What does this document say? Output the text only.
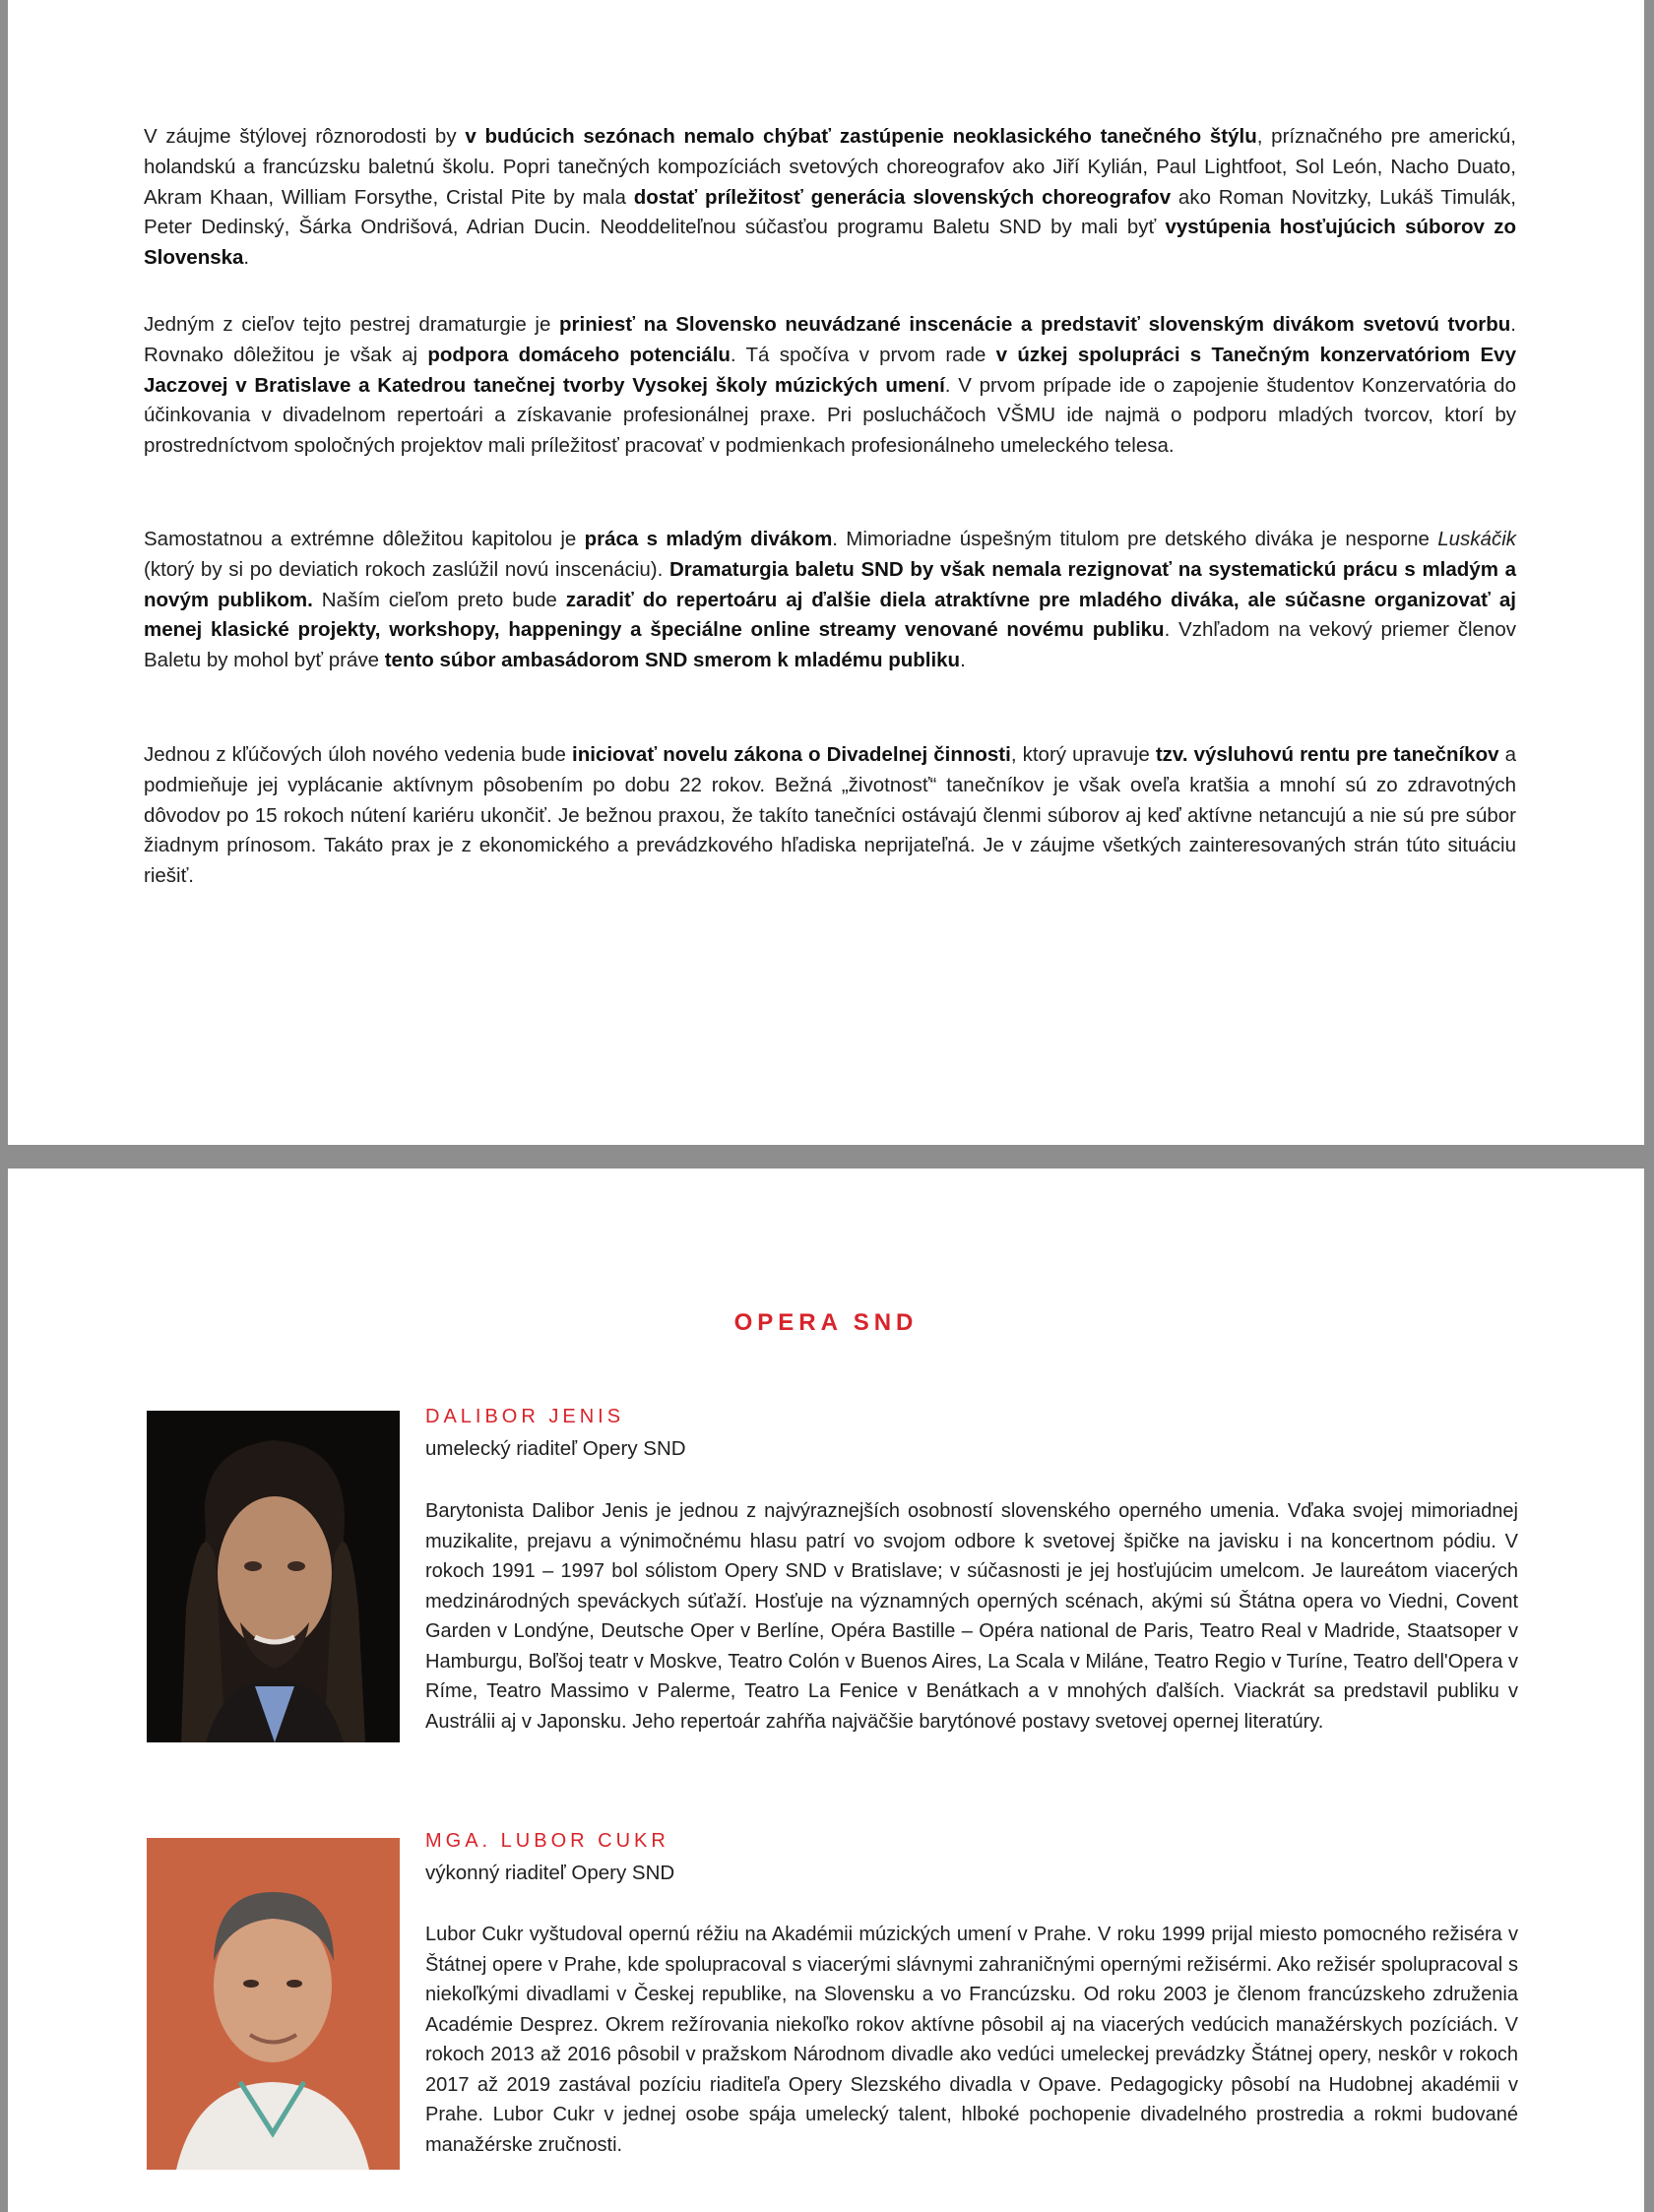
V záujme štýlovej rôznorodosti by v budúcich sezónach nemalo chýbať zastúpenie neoklasického tanečného štýlu, príznačného pre americkú, holandskú a francúzsku baletnú školu. Popri tanečných kompozíciách svetových choreografov ako Jiří Kylián, Paul Lightfoot, Sol León, Nacho Duato, Akram Khaan, William Forsythe, Cristal Pite by mala dostať príležitosť generácia slovenských choreografov ako Roman Novitzky, Lukáš Timulák, Peter Dedinský, Šárka Ondrišová, Adrian Ducin. Neoddeliteľnou súčasťou programu Baletu SND by mali byť vystúpenia hosťujúcich súborov zo Slovenska.

Jedným z cieľov tejto pestrej dramaturgie je priniesť na Slovensko neuvádzané inscenácie a predstaviť slovenským divákom svetovú tvorbu. Rovnako dôležitou je však aj podpora domáceho potenciálu. Tá spočíva v prvom rade v úzkej spolupráci s Tanečným konzervatóriom Evy Jaczovej v Bratislave a Katedrou tanečnej tvorby Vysokej školy múzických umení. V prvom prípade ide o zapojenie študentov Konzervatória do účinkovania v divadelnom repertoári a získavanie profesionálnej praxe. Pri poslucháčoch VŠMU ide najmä o podporu mladých tvorcov, ktorí by prostredníctvom spoločných projektov mali príležitosť pracovať v podmienkach profesionálneho umeleckého telesa.

Samostatnou a extrémne dôležitou kapitolou je práca s mladým divákom. Mimoriadne úspešným titulom pre detského diváka je nesporne Luskáčik (ktorý by si po deviatich rokoch zaslúžil novú inscenáciu). Dramaturgia baletu SND by však nemala rezignovať na systematickú prácu s mladým a novým publikom. Naším cieľom preto bude zaradiť do repertoáru aj ďalšie diela atraktívne pre mladého diváka, ale súčasne organizovať aj menej klasické projekty, workshopy, happeningy a špeciálne online streamy venované novému publiku. Vzhľadom na vekový priemer členov Baletu by mohol byť práve tento súbor ambasádorom SND smerom k mladému publiku.

Jednou z kľúčových úloh nového vedenia bude iniciovať novelu zákona o Divadelnej činnosti, ktorý upravuje tzv. výsluhovú rentu pre tanečníkov a podmieňuje jej vyplácanie aktívnym pôsobením po dobu 22 rokov. Bežná „životnosť“ tanečníkov je však oveľa kratšia a mnohí sú zo zdravotných dôvodov po 15 rokoch nútení kariéru ukončiť. Je bežnou praxou, že takíto tanečníci ostávajú členmi súborov aj keď aktívne netancujú a nie sú pre súbor žiadnym prínosom. Takáto prax je z ekonomického a prevádzkového hľadiska neprijateľná. Je v záujme všetkých zainteresovaných strán túto situáciu riešiť.

OPERA SND
DALIBOR JENIS
umelecký riaditeľ Opery SND

Barytonista Dalibor Jenis je jednou z najvýraznejších osobností slovenského operného umenia. Vďaka svojej mimoriadnej muzikalite, prejavu a výnimočnému hlasu patrí vo svojom odbore k svetovej špičke na javisku i na koncertnom pódiu. V rokoch 1991 – 1997 bol sólistom Opery SND v Bratislave; v súčasnosti je jej hosťujúcim umelcom. Je laureátom viacerých medzinárodných speváckych súťaží. Hosťuje na významných operných scénach, akými sú Štátna opera vo Viedni, Covent Garden v Londýne, Deutsche Oper v Berlíne, Opéra Bastille – Opéra national de Paris, Teatro Real v Madride, Staatsoper v Hamburgu, Boľšoj teatr v Moskve, Teatro Colón v Buenos Aires, La Scala v Miláne, Teatro Regio v Turíne, Teatro dell'Opera v Ríme, Teatro Massimo v Palerme, Teatro La Fenice v Benátkach a v mnohých ďalších. Viackrát sa predstavil publiku v Austrálii aj v Japonsku. Jeho repertoár zahŕňa najväčšie barytónové postavy svetovej opernej literatúry.

MGA. LUBOR CUKR
výkonný riaditeľ Opery SND

Lubor Cukr vyštudoval opernú réžiu na Akadémii múzických umení v Prahe. V roku 1999 prijal miesto pomocného režiséra v Štátnej opere v Prahe, kde spolupracoval s viacerými slávnymi zahraničnými opernými režisérmi. Ako režisér spolupracoval s niekoľkými divadlami v Českej republike, na Slovensku a vo Francúzsku. Od roku 2003 je členom francúzskeho združenia Académie Desprez. Okrem režírovania niekoľko rokov aktívne pôsobil aj na viacerých vedúcich manažérskych pozíciách. V rokoch 2013 až 2016 pôsobil v pražskom Národnom divadle ako vedúci umeleckej prevádzky Štátnej opery, neskôr v rokoch 2017 až 2019 zastával pozíciu riaditeľa Opery Slezského divadla v Opave. Pedagogicky pôsobí na Hudobnej akadémii v Prahe. Lubor Cukr v jednej osobe spája umelecký talent, hlboké pochopenie divadelného prostredia a rokmi budované manažérske zručnosti.
